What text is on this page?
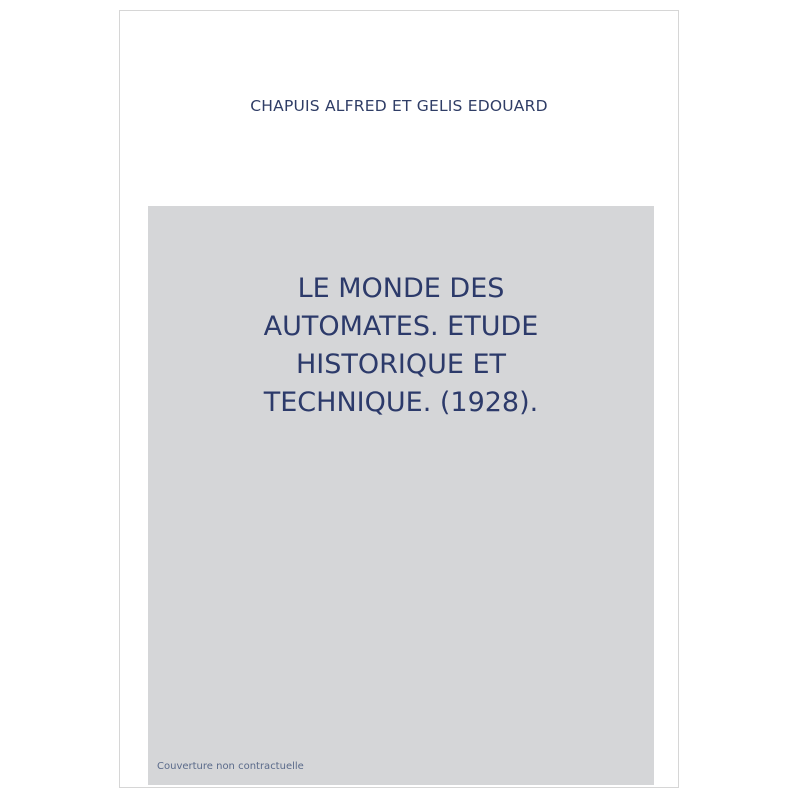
CHAPUIS ALFRED ET GELIS EDOUARD
LE MONDE DES
AUTOMATES. ETUDE
HISTORIQUE ET
TECHNIQUE. (1928).
Couverture non contractuelle
